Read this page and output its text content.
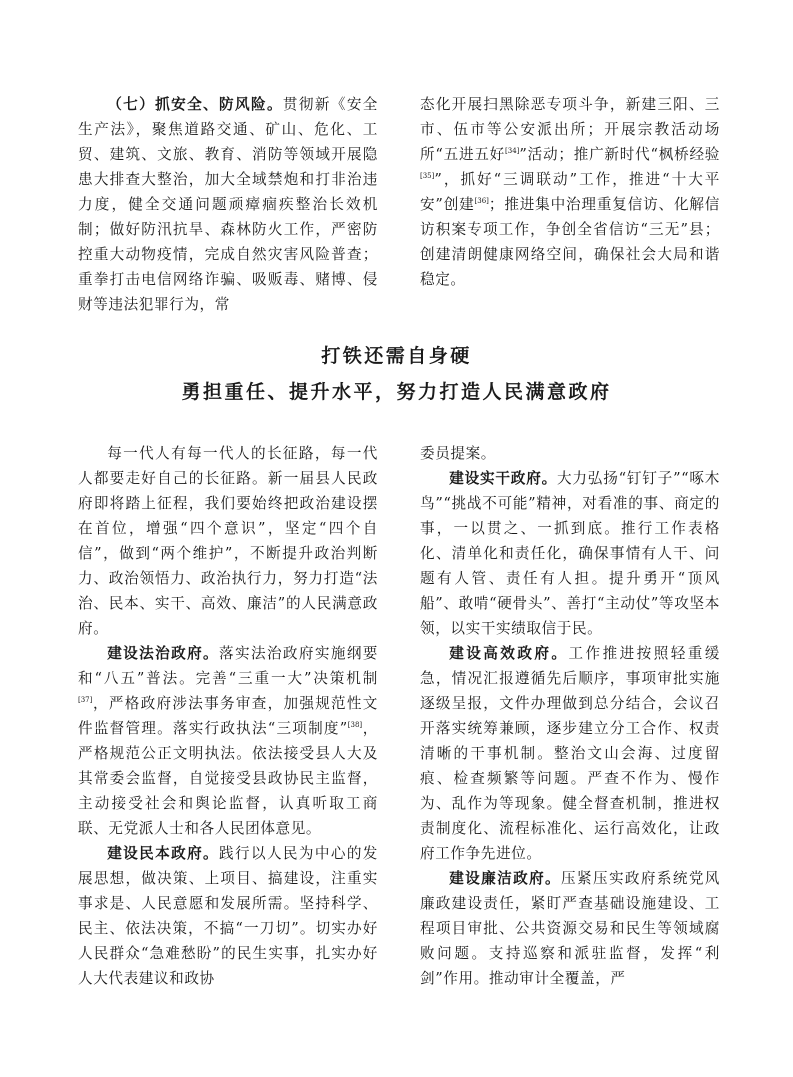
（七）抓安全、防风险。贯彻新《安全生产法》，聚焦道路交通、矿山、危化、工贸、建筑、文旅、教育、消防等领域开展隐患大排查大整治，加大全域禁炮和打非治违力度，健全交通问题顽瘴痼疾整治长效机制；做好防汛抗旱、森林防火工作，严密防控重大动物疫情，完成自然灾害风险普查；重拳打击电信网络诈骗、吸贩毒、赌博、侵财等违法犯罪行为，常

态化开展扫黑除恶专项斗争，新建三阳、三市、伍市等公安派出所；开展宗教活动场所“五进五好[34]”活动；推广新时代“枫桥经验[35]”，抓好“三调联动”工作，推进“十大平安”创建[36]；推进集中治理重复信访、化解信访积案专项工作，争创全省信访“三无”县；创建清朗健康网络空间，确保社会大局和谐稳定。

打铁还需自身硬
勇担重任、提升水平，努力打造人民满意政府

每一代人有每一代人的长征路，每一代人都要走好自己的长征路。新一届县人民政府即将踏上征程，我们要始终把政治建设摆在首位，增强“四个意识”，坚定“四个自信”，做到“两个维护”，不断提升政治判断力、政治领悟力、政治执行力，努力打造“法治、民本、实干、高效、廉洁”的人民满意政府。

建设法治政府。落实法治政府实施纲要和“八五”普法。完善“三重一大”决策机制[37]，严格政府涉法事务审查，加强规范性文件监督管理。落实行政执法“三项制度”[38]，严格规范公正文明执法。依法接受县人大及其常委会监督，自觉接受县政协民主监督，主动接受社会和舆论监督，认真听取工商联、无党派人士和各人民团体意见。

建设民本政府。践行以人民为中心的发展思想，做决策、上项目、搞建设，注重实事求是、人民意愿和发展所需。坚持科学、民主、依法决策，不搞“一刀切”。切实办好人民群众“急难愁盼”的民生实事，扎实办好人大代表建议和政协

委员提案。

建设实干政府。大力弘扬“钉钉子”“啄木鸟”“挑战不可能”精神，对看准的事、商定的事，一以贯之、一抓到底。推行工作表格化、清单化和责任化，确保事情有人干、问题有人管、责任有人担。提升勇开“顶风船”、敢啃“硬骨头”、善打“主动仗”等攻坚本领，以实干实绩取信于民。

建设高效政府。工作推进按照轻重缓急，情况汇报遵循先后顺序，事项审批实施逐级呈报，文件办理做到总分结合，会议召开落实统筹兼顾，逐步建立分工合作、权责清晰的干事机制。整治文山会海、过度留痕、检查频繁等问题。严查不作为、慢作为、乱作为等现象。健全督查机制，推进权责制度化、流程标准化、运行高效化，让政府工作争先进位。

建设廉洁政府。压紧压实政府系统党风廉政建设责任，紧盯严查基础设施建设、工程项目审批、公共资源交易和民生等领域腐败问题。支持巡察和派驻监督，发挥“利剑”作用。推动审计全覆盖，严
